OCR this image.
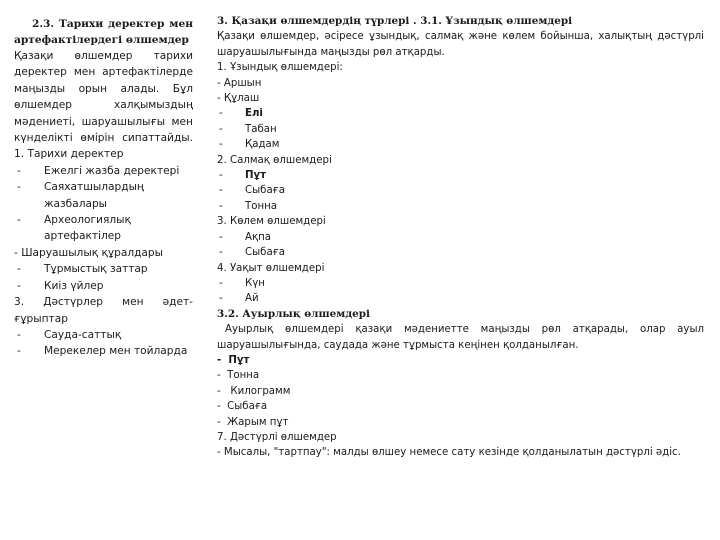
2.3. Тарихи деректер мен артефактілердегі өлшемдер
Қазақи өлшемдер тарихи деректер мен артефактілерде маңызды орын алады. Бұл өлшемдер халқымыздың мәдениеті, шаруашылығы мен күнделікті өмірін сипаттайды.
1. Тарихи деректер
- Ежелгі жазба деректері
- Саяхатшылардың жазбалары
- Археологиялық артефактілер
- Шаруашылық құралдары
- Тұрмыстық заттар
- Киіз үйлер
3. Дәстүрлер мен әдет-ғұрыптар
- Сауда-саттық
- Мерекелер мен тойларда
3. Қазақи өлшемдердің түрлері . 3.1. Ұзындық өлшемдері
Қазақи өлшемдер, әсіресе ұзындық, салмақ және көлем бойынша, халықтың дәстүрлі шаруашылығында маңызды рөл атқарды.
1. Ұзындық өлшемдері:
- Аршын
- Құлаш
- Елі
- Табан
- Қадам
2. Салмақ өлшемдері
- Пұт
- Сыбаға
- Тонна
3. Көлем өлшемдері
- Ақпа
- Сыбаға
4. Уақыт өлшемдері
- Күн
- Ай
3.2. Ауырлық өлшемдері
Ауырлық өлшемдері қазақи мәдениетте маңызды рөл атқарады, олар ауыл шаруашылығында, саудада және тұрмыста кеңінен қолданылған.
-  Пұт
-  Тонна
-   Килограмм
-  Сыбаға
-  Жарым пұт
7. Дәстүрлі өлшемдер
- Мысалы, "тартпау": малды өлшеу немесе сату кезінде қолданылатын дәстүрлі әдіс.
